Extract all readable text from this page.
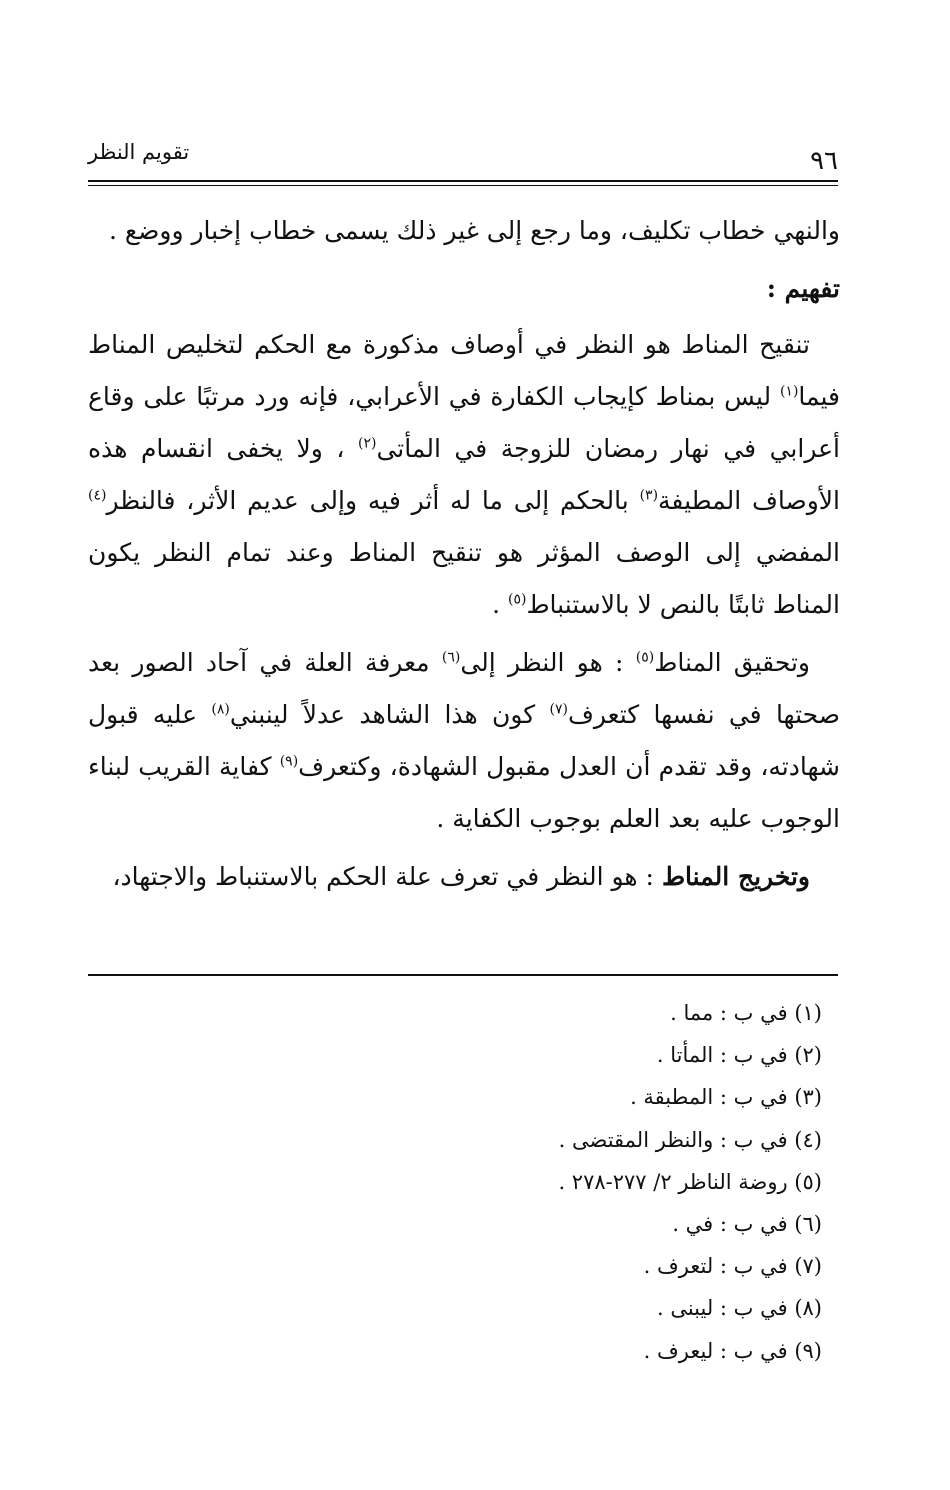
تقويم النظر	٩٦

والنهي خطاب تكليف، وما رجع إلى غير ذلك يسمى خطاب إخبار ووضع .

تفهيم :

تنقيح المناط هو النظر في أوصاف مذكورة مع الحكم لتخليص المناط فيما$^{(١)}$ ليس بمناط كإيجاب الكفارة في الأعرابي، فإنه ورد مرتبًا على وقاع أعرابي في نهار رمضان للزوجة في المأتى$^{(٢)}$ ، ولا يخفى انقسام هذه الأوصاف المطيفة$^{(٣)}$ بالحكم إلى ما له أثر فيه وإلى عديم الأثر، فالنظر$^{(٤)}$ المفضي إلى الوصف المؤثر هو تنقيح المناط وعند تمام النظر يكون المناط ثابتًا بالنص لا بالاستنباط$^{(٥)}$ .

وتحقيق المناط$^{(٥)}$ : هو النظر إلى$^{(٦)}$ معرفة العلة في آحاد الصور بعد صحتها في نفسها كتعرف$^{(٧)}$ كون هذا الشاهد عدلاً لينبني$^{(٨)}$ عليه قبول شهادته، وقد تقدم أن العدل مقبول الشهادة، وكتعرف$^{(٩)}$ كفاية القريب لبناء الوجوب عليه بعد العلم بوجوب الكفاية .

وتخريج المناط : هو النظر في تعرف علة الحكم بالاستنباط والاجتهاد،

(١) في ب : مما .
(٢) في ب : المأتا .
(٣) في ب : المطبقة .
(٤) في ب : والنظر المقتضى .
(٥) روضة الناظر ٢/ ٢٧٧-٢٧٨ .
(٦) في ب : في .
(٧) في ب : لتعرف .
(٨) في ب : ليبنى .
(٩) في ب : ليعرف .
